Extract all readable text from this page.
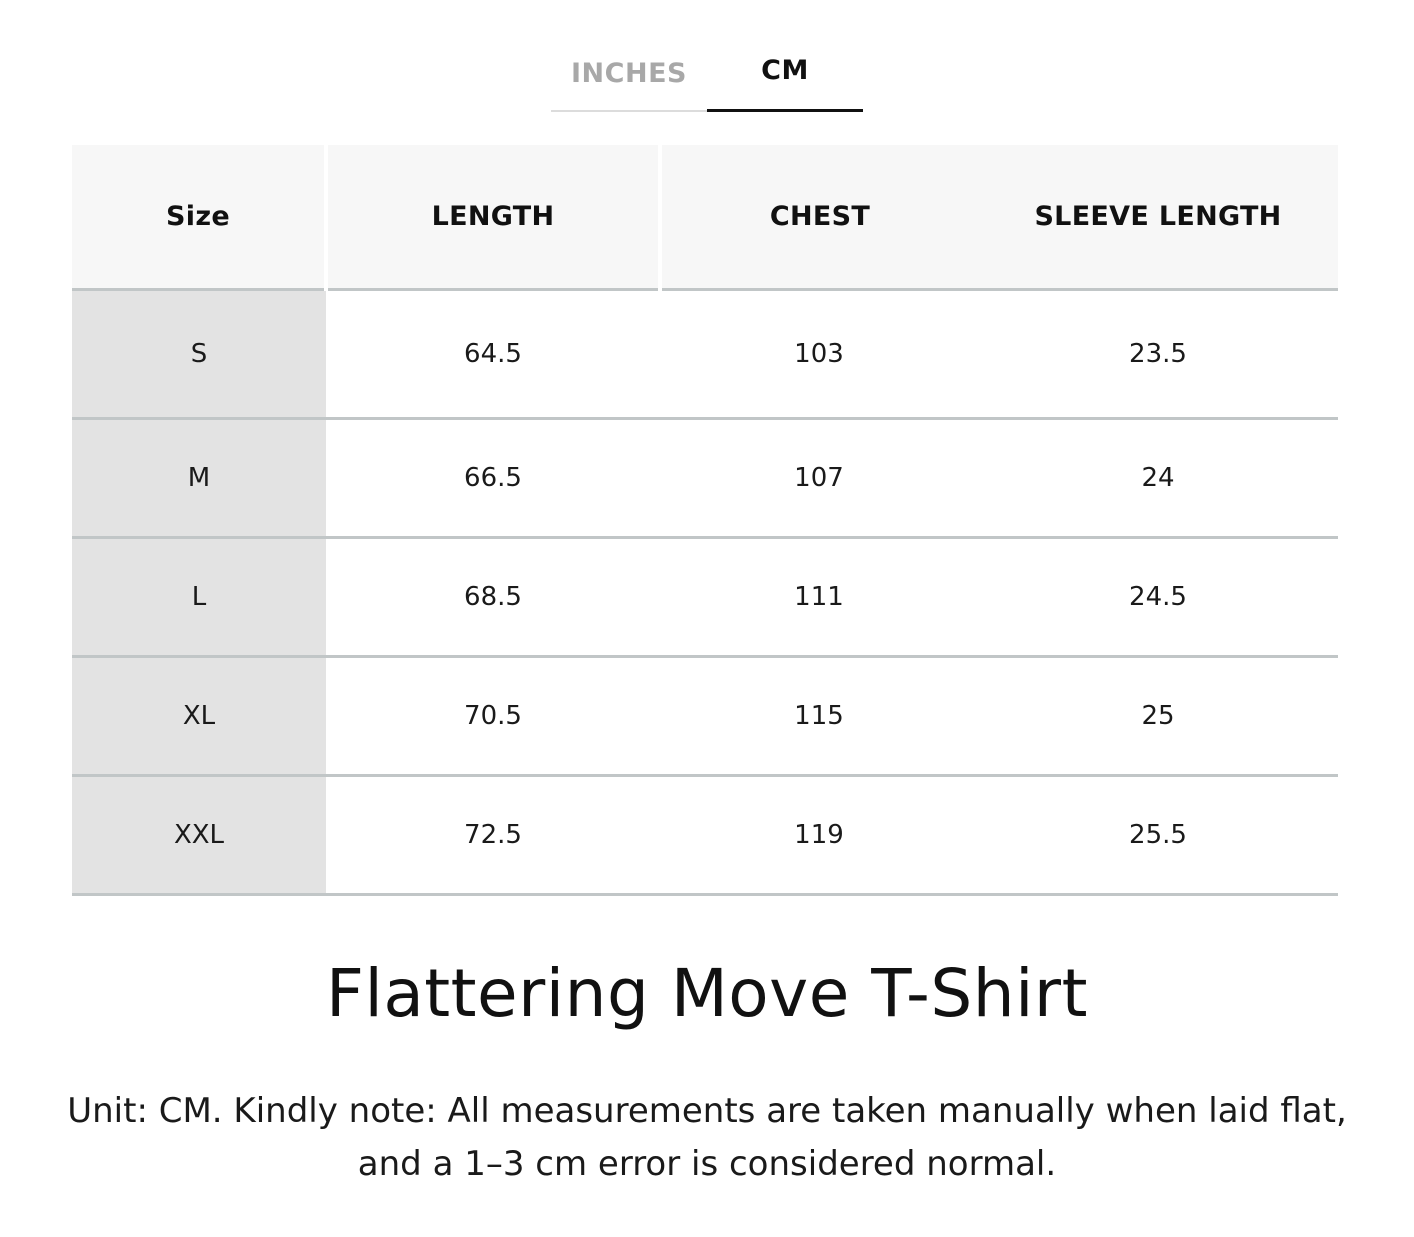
INCHES	CM
Size	LENGTH	CHEST	SLEEVE LENGTH
S	64.5	103	23.5
M	66.5	107	24
L	68.5	111	24.5
XL	70.5	115	25
XXL	72.5	119	25.5
Flattering Move T-Shirt

Unit: CM. Kindly note: All measurements are taken manually when laid flat, and a 1–3 cm error is considered normal.
